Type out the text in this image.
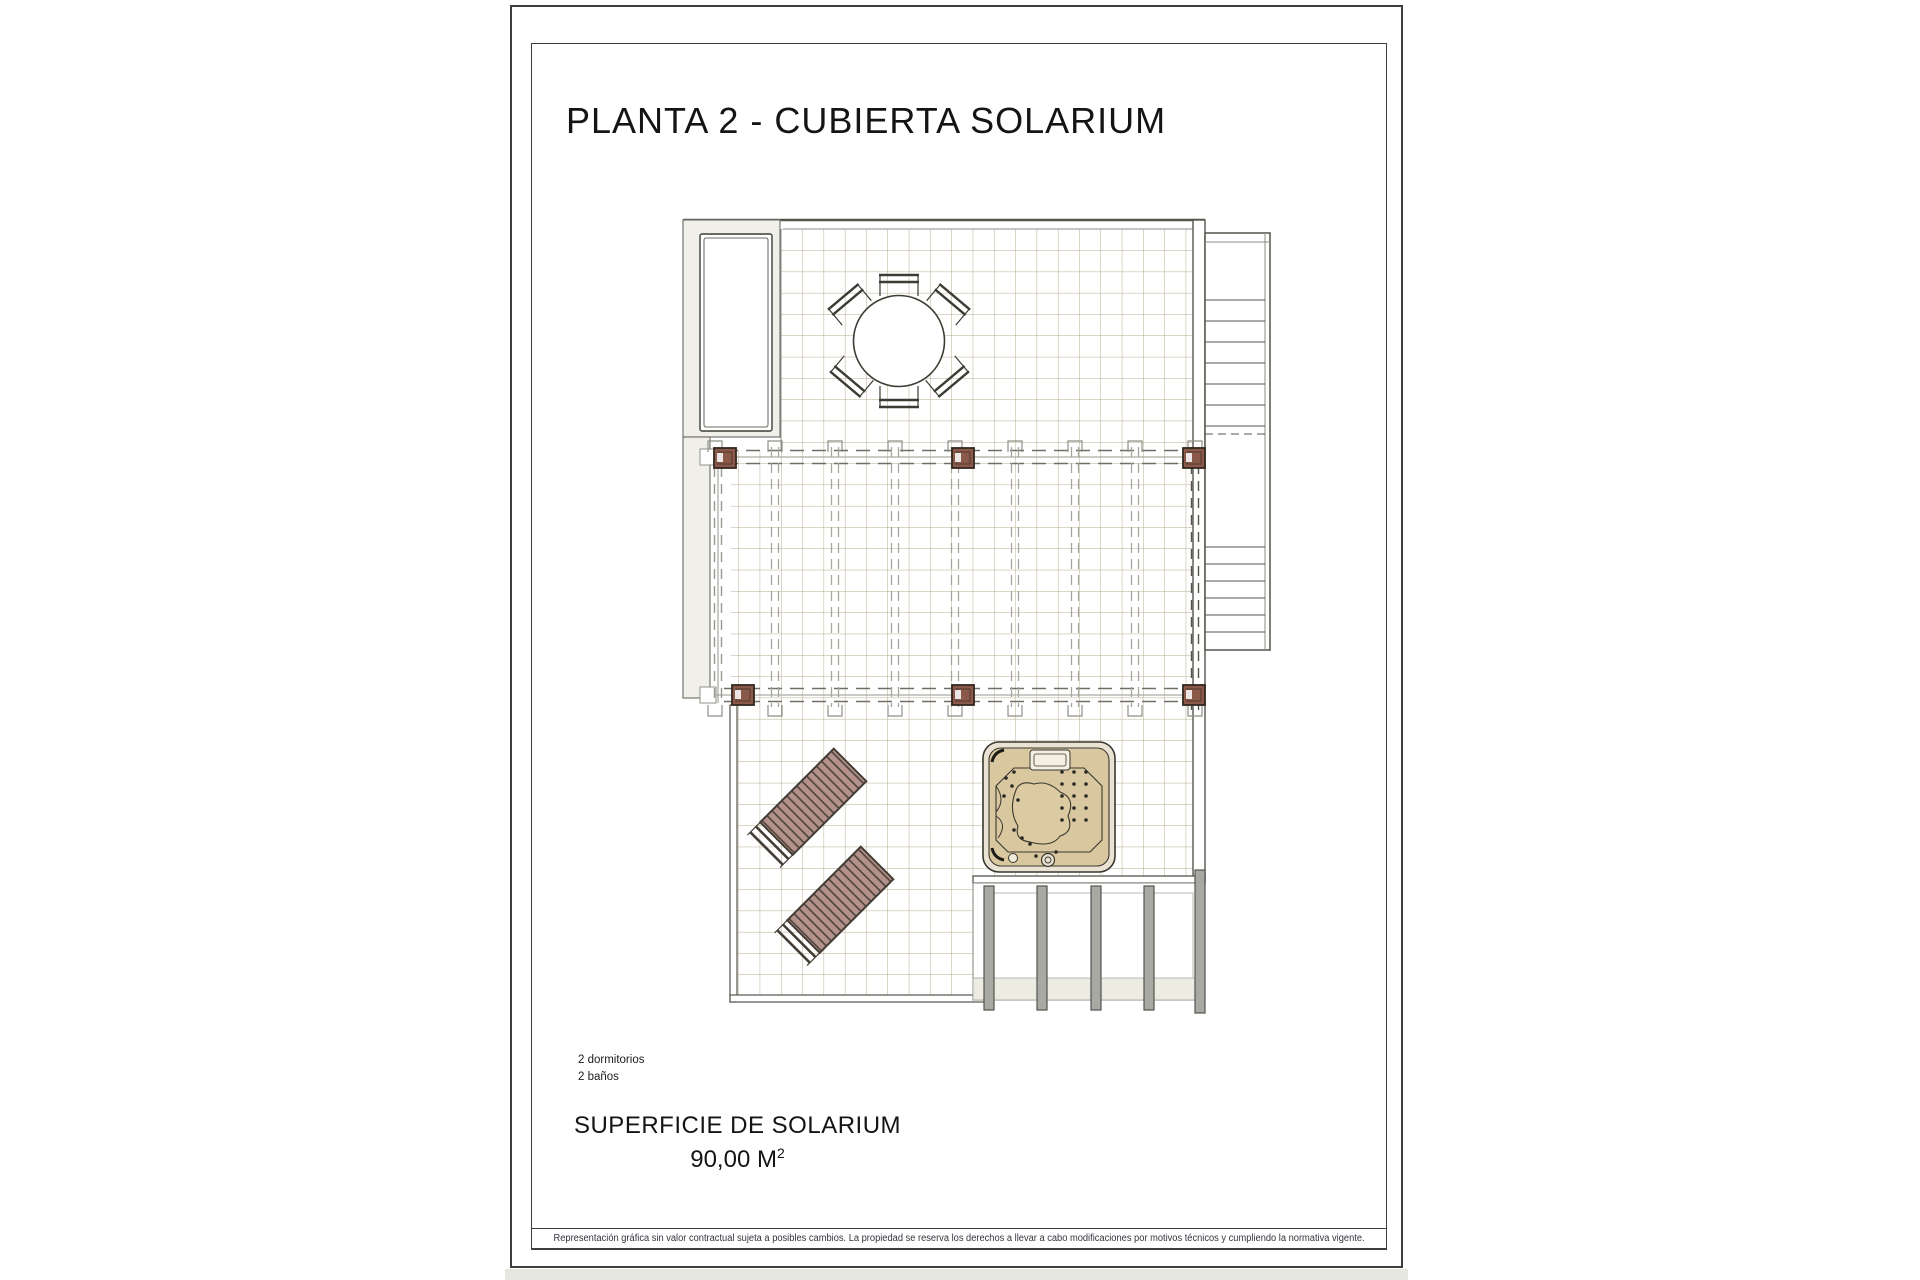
PLANTA 2 - CUBIERTA SOLARIUM
2 dormitorios
2 baños
SUPERFICIE DE SOLARIUM
90,00 $M^2$
Representación gráfica sin valor contractual sujeta a posibles cambios. La propiedad se reserva los derechos a llevar a cabo modificaciones por motivos técnicos y cumpliendo la normativa vigente.
